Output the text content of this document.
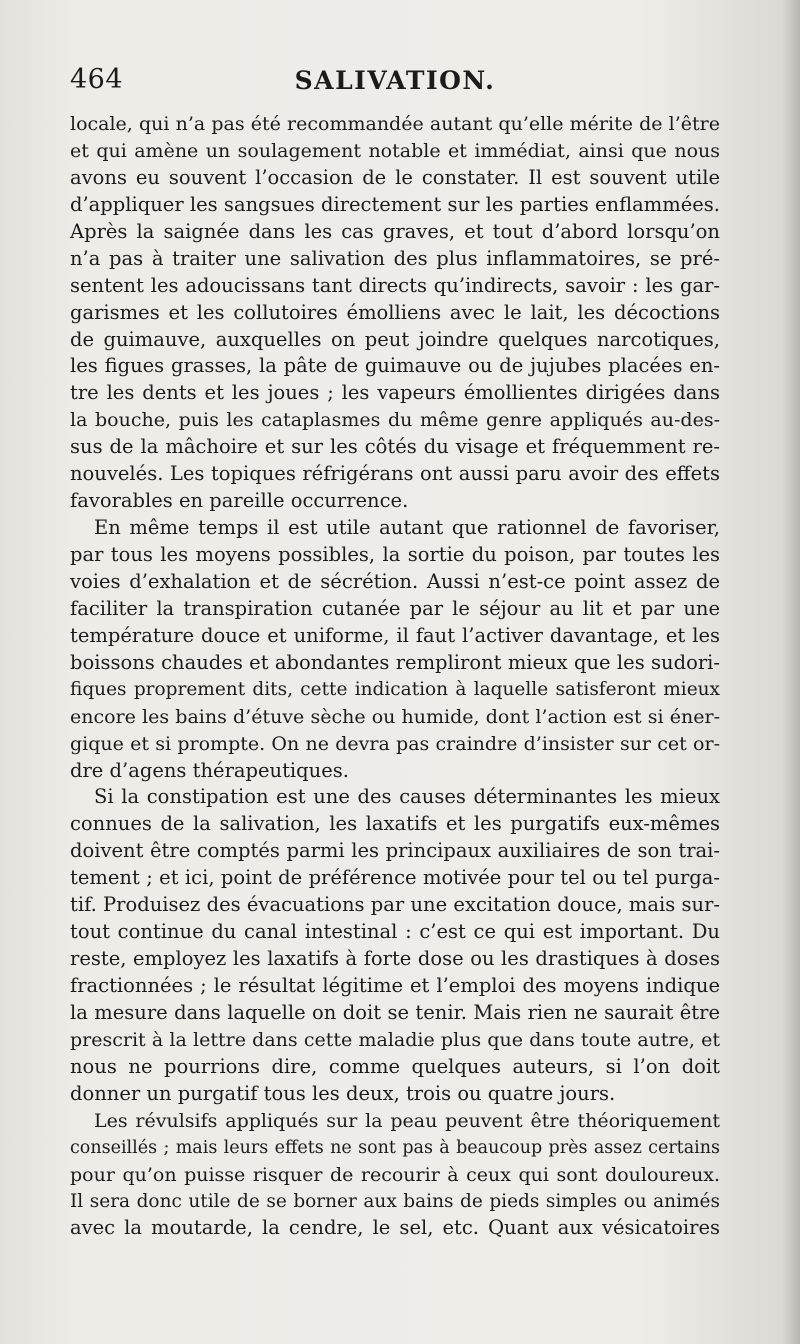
464	SALIVATION.
locale, qui n’a pas été recommandée autant qu’elle mérite de l’être
et qui amène un soulagement notable et immédiat, ainsi que nous
avons eu souvent l’occasion de le constater. Il est souvent utile
d’appliquer les sangsues directement sur les parties enflammées.
Après la saignée dans les cas graves, et tout d’abord lorsqu’on
n’a pas à traiter une salivation des plus inflammatoires, se pré-
sentent les adoucissans tant directs qu’indirects, savoir : les gar-
garismes et les collutoires émolliens avec le lait, les décoctions
de guimauve, auxquelles on peut joindre quelques narcotiques,
les figues grasses, la pâte de guimauve ou de jujubes placées en-
tre les dents et les joues ; les vapeurs émollientes dirigées dans
la bouche, puis les cataplasmes du même genre appliqués au-des-
sus de la mâchoire et sur les côtés du visage et fréquemment re-
nouvelés. Les topiques réfrigérans ont aussi paru avoir des effets
favorables en pareille occurrence.
En même temps il est utile autant que rationnel de favoriser,
par tous les moyens possibles, la sortie du poison, par toutes les
voies d’exhalation et de sécrétion. Aussi n’est-ce point assez de
faciliter la transpiration cutanée par le séjour au lit et par une
température douce et uniforme, il faut l’activer davantage, et les
boissons chaudes et abondantes rempliront mieux que les sudori-
fiques proprement dits, cette indication à laquelle satisferont mieux
encore les bains d’étuve sèche ou humide, dont l’action est si éner-
gique et si prompte. On ne devra pas craindre d’insister sur cet or-
dre d’agens thérapeutiques.
Si la constipation est une des causes déterminantes les mieux
connues de la salivation, les laxatifs et les purgatifs eux-mêmes
doivent être comptés parmi les principaux auxiliaires de son trai-
tement ; et ici, point de préférence motivée pour tel ou tel purga-
tif. Produisez des évacuations par une excitation douce, mais sur-
tout continue du canal intestinal : c’est ce qui est important. Du
reste, employez les laxatifs à forte dose ou les drastiques à doses
fractionnées ; le résultat légitime et l’emploi des moyens indique
la mesure dans laquelle on doit se tenir. Mais rien ne saurait être
prescrit à la lettre dans cette maladie plus que dans toute autre, et
nous ne pourrions dire, comme quelques auteurs, si l’on doit
donner un purgatif tous les deux, trois ou quatre jours.
Les révulsifs appliqués sur la peau peuvent être théoriquement
conseillés ; mais leurs effets ne sont pas à beaucoup près assez certains
pour qu’on puisse risquer de recourir à ceux qui sont douloureux.
Il sera donc utile de se borner aux bains de pieds simples ou animés
avec la moutarde, la cendre, le sel, etc. Quant aux vésicatoires
